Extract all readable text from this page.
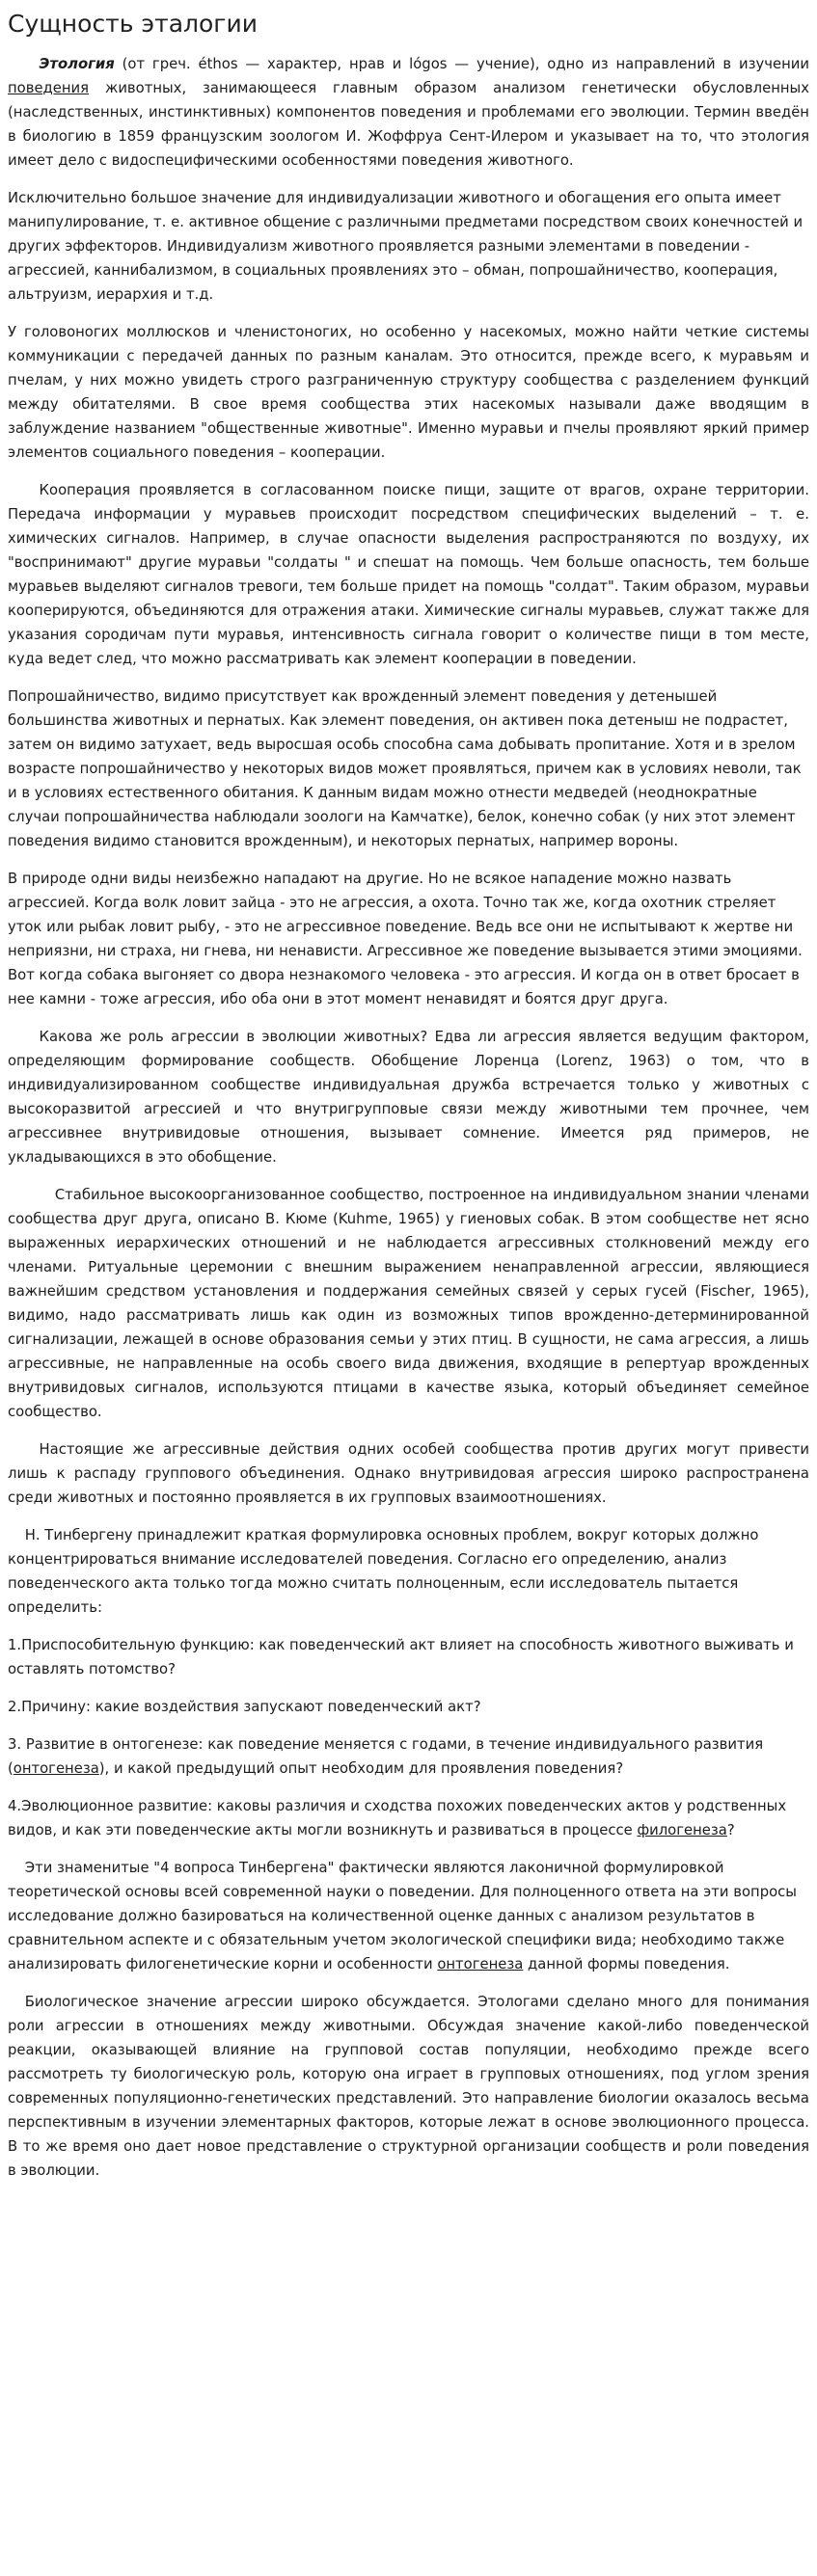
Сущность эталогии

Этология (от греч. éthos — характер, нрав и lógos — учение), одно из направлений в изучении поведения животных, занимающееся главным образом анализом генетически обусловленных (наследственных, инстинктивных) компонентов поведения и проблемами его эволюции. Термин введён в биологию в 1859 французским зоологом И. Жоффруа Сент-Илером и указывает на то, что этология имеет дело с видоспецифическими особенностями поведения животного.

Исключительно большое значение для индивидуализации животного и обогащения его опыта имеет манипулирование, т. е. активное общение с различными предметами посредством своих конечностей и других эффекторов. Индивидуализм животного проявляется разными элементами в поведении - агрессией, каннибализмом, в социальных проявлениях это – обман, попрошайничество, кооперация, альтруизм, иерархия и т.д.

У головоногих моллюсков и членистоногих, но особенно у насекомых, можно найти четкие системы коммуникации с передачей данных по разным каналам. Это относится, прежде всего, к муравьям и пчелам, у них можно увидеть строго разграниченную структуру сообщества с разделением функций между обитателями. В свое время сообщества этих насекомых называли даже вводящим в заблуждение названием "общественные животные". Именно муравьи и пчелы проявляют яркий пример элементов социального поведения – кооперации.

Кооперация проявляется в согласованном поиске пищи, защите от врагов, охране территории. Передача информации у муравьев происходит посредством специфических выделений – т. е. химических сигналов. Например, в случае опасности выделения распространяются по воздуху, их "воспринимают" другие муравьи "солдаты " и спешат на помощь. Чем больше опасность, тем больше муравьев выделяют сигналов тревоги, тем больше придет на помощь "солдат". Таким образом, муравьи кооперируются, объединяются для отражения атаки. Химические сигналы муравьев, служат также для указания сородичам пути муравья, интенсивность сигнала говорит о количестве пищи в том месте, куда ведет след, что можно рассматривать как элемент кооперации в поведении.

Попрошайничество, видимо присутствует как врожденный элемент поведения у детенышей большинства животных и пернатых. Как элемент поведения, он активен пока детеныш не подрастет, затем он видимо затухает, ведь выросшая особь способна сама добывать пропитание. Хотя и в зрелом возрасте попрошайничество у некоторых видов может проявляться, причем как в условиях неволи, так и в условиях естественного обитания. К данным видам можно отнести медведей (неоднократные случаи попрошайничества наблюдали зоологи на Камчатке), белок, конечно собак (у них этот элемент поведения видимо становится врожденным), и некоторых пернатых, например вороны.

В природе одни виды неизбежно нападают на другие. Но не всякое нападение можно назвать агрессией. Когда волк ловит зайца - это не агрессия, а охота. Точно так же, когда охотник стреляет уток или рыбак ловит рыбу, - это не агрессивное поведение. Ведь все они не испытывают к жертве ни неприязни, ни страха, ни гнева, ни ненависти. Агрессивное же поведение вызывается этими эмоциями. Вот когда собака выгоняет со двора незнакомого человека - это агрессия. И когда он в ответ бросает в нее камни - тоже агрессия, ибо оба они в этот момент ненавидят и боятся друг друга.

Какова же роль агрессии в эволюции животных? Едва ли агрессия является ведущим фактором, определяющим формирование сообществ. Обобщение Лоренца (Lorenz, 1963) о том, что в индивидуализированном сообществе индивидуальная дружба встречается только у животных с высокоразвитой агрессией и что внутригрупповые связи между животными тем прочнее, чем агрессивнее внутривидовые отношения, вызывает сомнение. Имеется ряд примеров, не укладывающихся в это обобщение.

Стабильное высокоорганизованное сообщество, построенное на индивидуальном знании членами сообщества друг друга, описано В. Кюме (Kuhme, 1965) у гиеновых собак. В этом сообществе нет ясно выраженных иерархических отношений и не наблюдается агрессивных столкновений между его членами. Ритуальные церемонии с внешним выражением ненаправленной агрессии, являющиеся важнейшим средством установления и поддержания семейных связей у серых гусей (Fischer, 1965), видимо, надо рассматривать лишь как один из возможных типов врожденно-детерминированной сигнализации, лежащей в основе образования семьи у этих птиц. В сущности, не сама агрессия, а лишь агрессивные, не направленные на особь своего вида движения, входящие в репертуар врожденных внутривидовых сигналов, используются птицами в качестве языка, который объединяет семейное сообщество.

Настоящие же агрессивные действия одних особей сообщества против других могут привести лишь к распаду группового объединения. Однако внутривидовая агрессия широко распространена среди животных и постоянно проявляется в их групповых взаимоотношениях.

Н. Тинбергену принадлежит краткая формулировка основных проблем, вокруг которых должно концентрироваться внимание исследователей поведения. Согласно его определению, анализ поведенческого акта только тогда можно считать полноценным, если исследователь пытается определить:

1.Приспособительную функцию: как поведенческий акт влияет на способность животного выживать и оставлять потомство?

2.Причину: какие воздействия запускают поведенческий акт?

3. Развитие в онтогенезе: как поведение меняется с годами, в течение индивидуального развития (онтогенеза), и какой предыдущий опыт необходим для проявления поведения?

4.Эволюционное развитие: каковы различия и сходства похожих поведенческих актов у родственных видов, и как эти поведенческие акты могли возникнуть и развиваться в процессе филогенеза?

Эти знаменитые "4 вопроса Тинбергена" фактически являются лаконичной формулировкой теоретической основы всей современной науки о поведении. Для полноценного ответа на эти вопросы исследование должно базироваться на количественной оценке данных с анализом результатов в сравнительном аспекте и с обязательным учетом экологической специфики вида; необходимо также анализировать филогенетические корни и особенности онтогенеза данной формы поведения.

Биологическое значение агрессии широко обсуждается. Этологами сделано много для понимания роли агрессии в отношениях между животными. Обсуждая значение какой-либо поведенческой реакции, оказывающей влияние на групповой состав популяции, необходимо прежде всего рассмотреть ту биологическую роль, которую она играет в групповых отношениях, под углом зрения современных популяционно-генетических представлений. Это направление биологии оказалось весьма перспективным в изучении элементарных факторов, которые лежат в основе эволюционного процесса. В то же время оно дает новое представление о структурной организации сообществ и роли поведения в эволюции.
